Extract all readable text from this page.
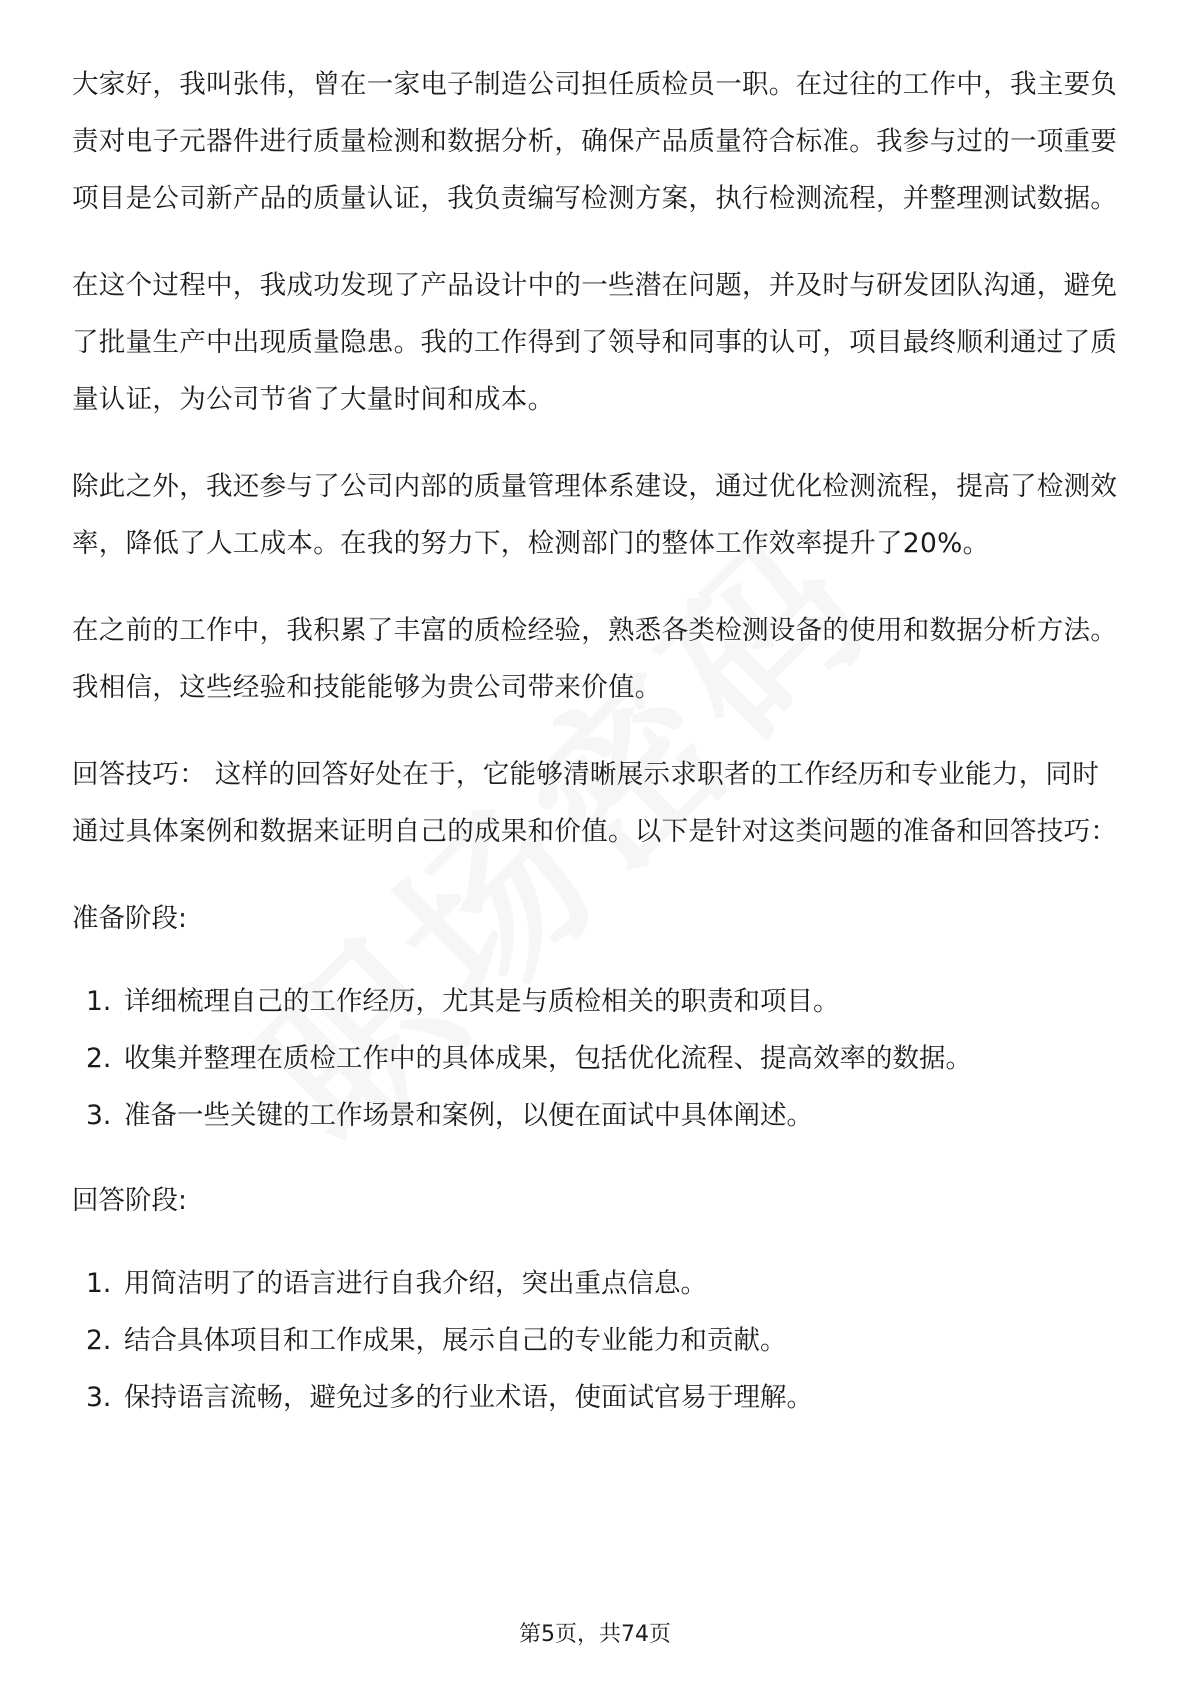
大家好，我叫张伟，曾在一家电子制造公司担任质检员一职。在过往的工作中，我主要负责对电子元器件进行质量检测和数据分析，确保产品质量符合标准。我参与过的一项重要项目是公司新产品的质量认证，我负责编写检测方案，执行检测流程，并整理测试数据。

在这个过程中，我成功发现了产品设计中的一些潜在问题，并及时与研发团队沟通，避免了批量生产中出现质量隐患。我的工作得到了领导和同事的认可，项目最终顺利通过了质量认证，为公司节省了大量时间和成本。

除此之外，我还参与了公司内部的质量管理体系建设，通过优化检测流程，提高了检测效率，降低了人工成本。在我的努力下，检测部门的整体工作效率提升了20%。

在之前的工作中，我积累了丰富的质检经验，熟悉各类检测设备的使用和数据分析方法。我相信，这些经验和技能能够为贵公司带来价值。

回答技巧： 这样的回答好处在于，它能够清晰展示求职者的工作经历和专业能力，同时通过具体案例和数据来证明自己的成果和价值。以下是针对这类问题的准备和回答技巧：

准备阶段:

1. 详细梳理自己的工作经历，尤其是与质检相关的职责和项目。
2. 收集并整理在质检工作中的具体成果，包括优化流程、提高效率的数据。
3. 准备一些关键的工作场景和案例，以便在面试中具体阐述。

回答阶段:

1. 用简洁明了的语言进行自我介绍，突出重点信息。
2. 结合具体项目和工作成果，展示自己的专业能力和贡献。
3. 保持语言流畅，避免过多的行业术语，使面试官易于理解。
第5页，共74页
